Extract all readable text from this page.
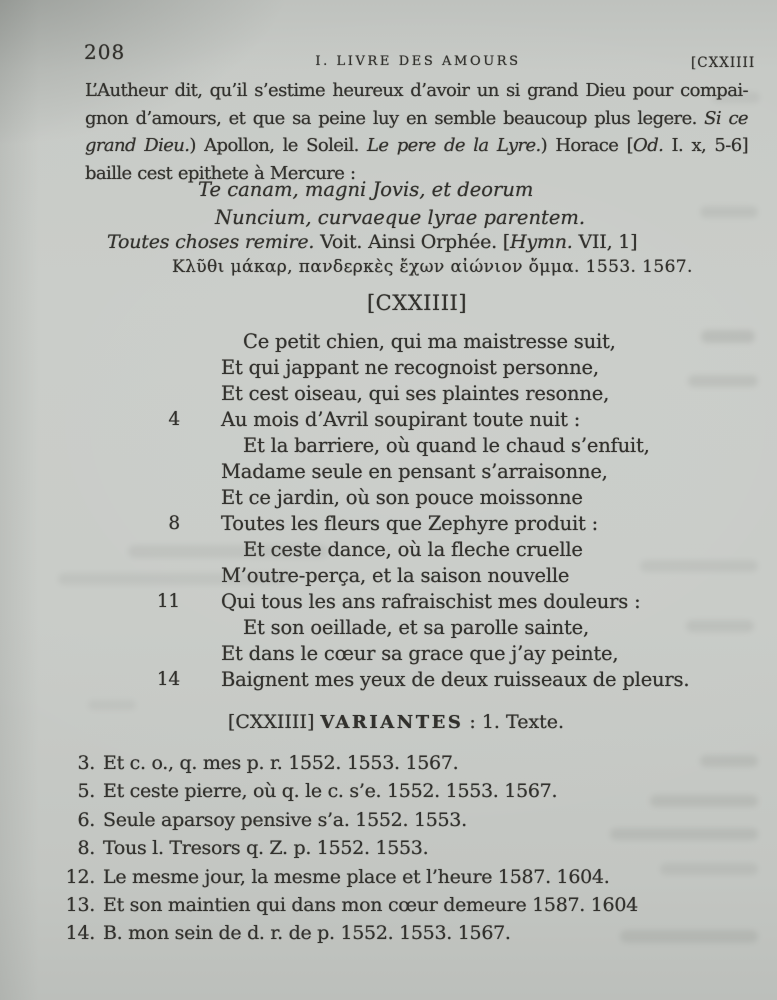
208	I. LIVRE DES AMOURS	[CXXIIII
L’Autheur dit, qu’il s’estime heureux d’avoir un si grand Dieu pour compai-
gnon d’amours, et que sa peine luy en semble beaucoup plus legere. Si ce
grand Dieu.) Apollon, le Soleil. Le pere de la Lyre.) Horace [Od. I. x, 5-6]
baille cest epithete à Mercure :
Te canam, magni Jovis, et deorum
Nuncium, curvaeque lyrae parentem.
Toutes choses remire. Voit. Ainsi Orphée. [Hymn. VII, 1]
Κλῦθι μάκαρ, πανδερκὲς ἔχων αἰώνιον ὄμμα. 1553. 1567.
[CXXIIII]
Ce petit chien, qui ma maistresse suit,
Et qui jappant ne recognoist personne,
Et cest oiseau, qui ses plaintes resonne,
4 Au mois d’Avril soupirant toute nuit :
Et la barriere, où quand le chaud s’enfuit,
Madame seule en pensant s’arraisonne,
Et ce jardin, où son pouce moissonne
8 Toutes les fleurs que Zephyre produit :
Et ceste dance, où la fleche cruelle
M’outre-perça, et la saison nouvelle
11 Qui tous les ans rafraischist mes douleurs :
Et son oeillade, et sa parolle sainte,
Et dans le cœur sa grace que j’ay peinte,
14 Baignent mes yeux de deux ruisseaux de pleurs.
[CXXIIII] VARIANTES : 1. Texte.
3. Et c. o., q. mes p. r. 1552. 1553. 1567.
5. Et ceste pierre, où q. le c. s’e. 1552. 1553. 1567.
6. Seule aparsoy pensive s’a. 1552. 1553.
8. Tous l. Tresors q. Z. p. 1552. 1553.
12. Le mesme jour, la mesme place et l’heure 1587. 1604.
13. Et son maintien qui dans mon cœur demeure 1587. 1604
14. B. mon sein de d. r. de p. 1552. 1553. 1567.
